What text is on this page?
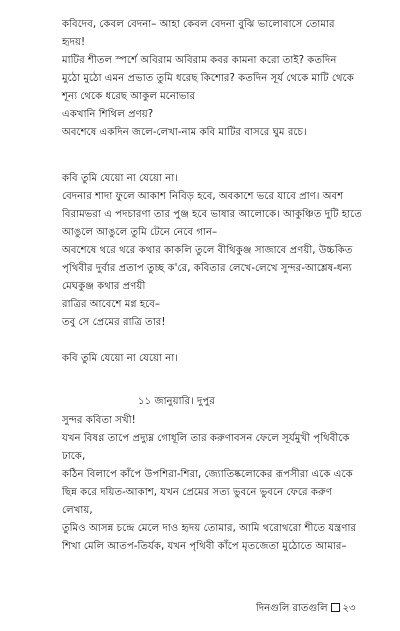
কবিদেব, কেবল বেদনা– আহা কেবল বেদনা বুঝি ভালোবাসে তোমার
হৃদয়!
মাটির শীতল স্পর্শে অবিরাম অবিরাম কবর কামনা করো তাই? কতদিন
মুঠো মুঠো এমন প্রভাত তুমি ধরেছ কিশোর? কতদিন সূর্য থেকে মাটি থেকে
শূন্য থেকে ধরেছ আকুল মনোভার
একখানি শিথিল প্রণয়?
অবশেষে একদিন জলে-লেখা-নাম কবি মাটির বাসরে ঘুম রচে।
কবি তুমি যেয়ো না যেয়ো না।
বেদনার শাদা ফুলে আকাশ নিবিড় হবে, অবকাশে ভরে যাবে প্রাণ। অবশ
বিরামভরা এ পদচারণা তার পুঞ্জ হবে ভাষার আলোকে। আকুঞ্চিত দুটি হাতে
আঙুলে আঙুলে তুমি টেনে নেবে গান–
অবশেষে থরে থরে কথার কাকলি তুলে বীথিকুঞ্জ সাজাবে প্রণয়ী, উচ্চকিত
পৃথিবীর দুর্বার প্রতাপ তুচ্ছ ক'রে, কবিতার লেখে-লেখে সুন্দর-আশ্লেষ-ধন্য
মেঘকুঞ্জ কথার প্রণয়ী
রাত্রির আবেশে মগ্ন হবে–
তবু সে প্রেমের রাত্রি তার!
কবি তুমি যেয়ো না যেয়ো না।
১১ জানুয়ারি। দুপুর
সুন্দর কবিতা সখী!
যখন বিষণ্ণ তাপে প্রদ্যুম্ন গোধূলি তার করুণাবসন ফেলে সূর্যমুখী পৃথিবীকে
ঢাকে,
কঠিন বিলাপে কাঁপে উপশিরা-শিরা, জ্যোতিষ্কলোকের রূপসীরা একে একে
ছিন্ন করে দয়িত-আকাশ, যখন প্রেমের সত্য ভুবনে ভুবনে ফেরে করুণ
লেখায়,
তুমিও আসন্ন চন্দ্রে মেলে দাও হৃদয় তোমার, আমি থরোথরো শীতে যন্ত্রণার
শিখা মেলি আতপ-তির্যক, যখন পৃথিবী কাঁপে মৃতজেতা মুঠোতে আমার–
দিনগুলি রাতগুলি ২৩
